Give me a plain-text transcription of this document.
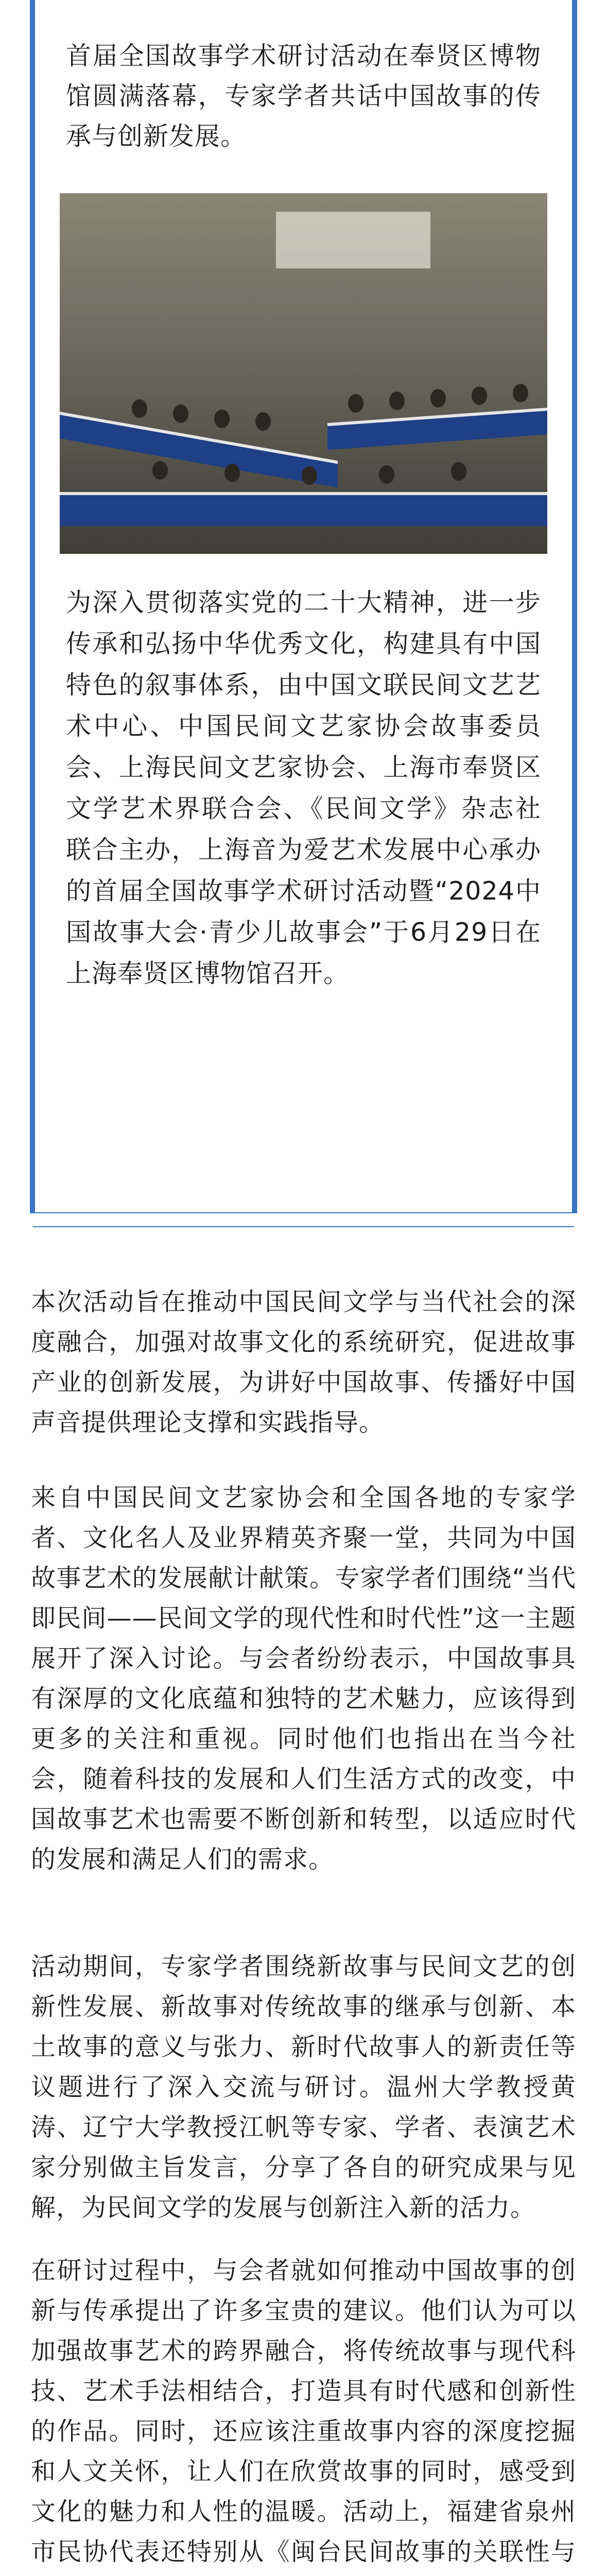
首届全国故事学术研讨活动在奉贤区博物馆圆满落幕，专家学者共话中国故事的传承与创新发展。

为深入贯彻落实党的二十大精神，进一步传承和弘扬中华优秀文化，构建具有中国特色的叙事体系，由中国文联民间文艺艺术中心、中国民间文艺家协会故事委员会、上海民间文艺家协会、上海市奉贤区文学艺术界联合会、《民间文学》杂志社联合主办，上海音为爱艺术发展中心承办的首届全国故事学术研讨活动暨“2024中国故事大会·青少儿故事会”于6月29日在上海奉贤区博物馆召开。

本次活动旨在推动中国民间文学与当代社会的深度融合，加强对故事文化的系统研究，促进故事产业的创新发展，为讲好中国故事、传播好中国声音提供理论支撑和实践指导。

来自中国民间文艺家协会和全国各地的专家学者、文化名人及业界精英齐聚一堂，共同为中国故事艺术的发展献计献策。专家学者们围绕“当代即民间——民间文学的现代性和时代性”这一主题展开了深入讨论。与会者纷纷表示，中国故事具有深厚的文化底蕴和独特的艺术魅力，应该得到更多的关注和重视。同时他们也指出在当今社会，随着科技的发展和人们生活方式的改变，中国故事艺术也需要不断创新和转型，以适应时代的发展和满足人们的需求。

活动期间，专家学者围绕新故事与民间文艺的创新性发展、新故事对传统故事的继承与创新、本土故事的意义与张力、新时代故事人的新责任等议题进行了深入交流与研讨。温州大学教授黄涛、辽宁大学教授江帆等专家、学者、表演艺术家分别做主旨发言，分享了各自的研究成果与见解，为民间文学的发展与创新注入新的活力。

在研讨过程中，与会者就如何推动中国故事的创新与传承提出了许多宝贵的建议。他们认为可以加强故事艺术的跨界融合，将传统故事与现代科技、艺术手法相结合，打造具有时代感和创新性的作品。同时，还应该注重故事内容的深度挖掘和人文关怀，让人们在欣赏故事的同时，感受到文化的魅力和人性的温暖。活动上，福建省泉州市民协代表还特别从《闽台民间故事的关联性与
